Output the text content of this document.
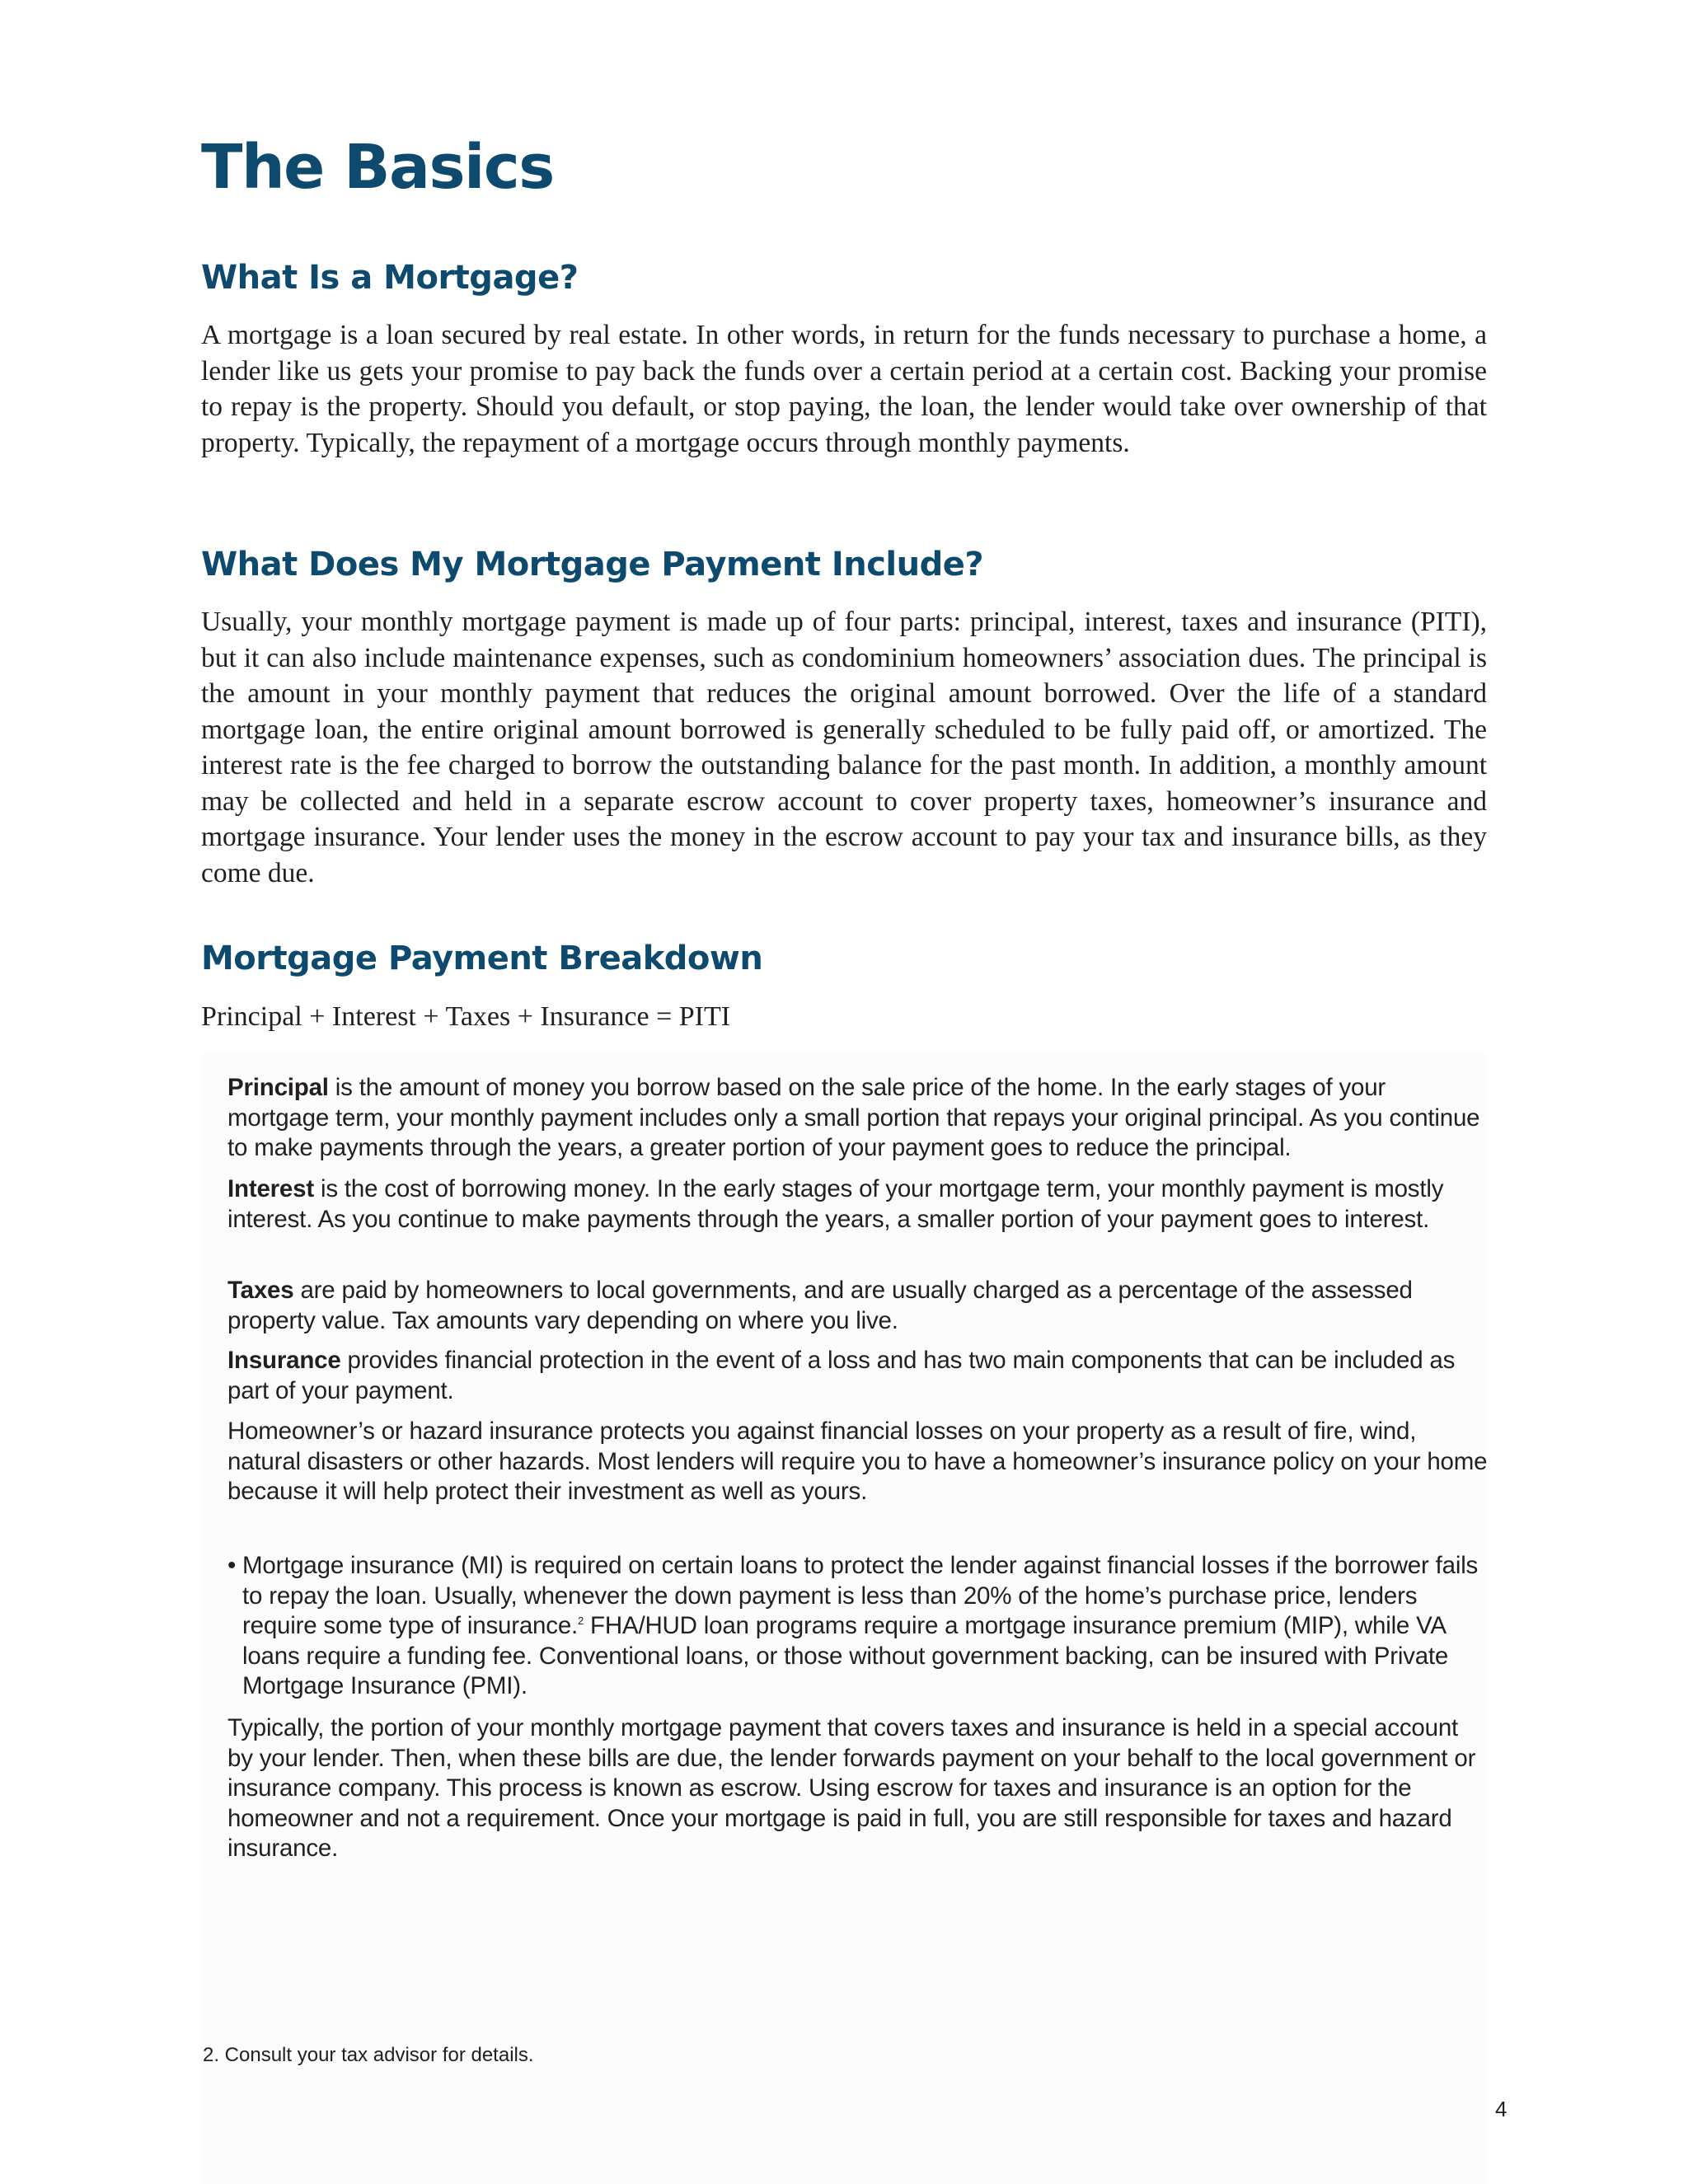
The Basics
What Is a Mortgage?

A mortgage is a loan secured by real estate. In other words, in return for the funds necessary to purchase a home, a lender like us gets your promise to pay back the funds over a certain period at a certain cost. Backing your promise to repay is the property. Should you default, or stop paying, the loan, the lender would take over ownership of that property. Typically, the repayment of a mortgage occurs through monthly payments.

What Does My Mortgage Payment Include?

Usually, your monthly mortgage payment is made up of four parts: principal, interest, taxes and insurance (PITI), but it can also include maintenance expenses, such as condominium homeowners’ association dues. The principal is the amount in your monthly payment that reduces the original amount borrowed. Over the life of a standard mortgage loan, the entire original amount borrowed is generally scheduled to be fully paid off, or amortized. The interest rate is the fee charged to borrow the outstanding balance for the past month. In addition, a monthly amount may be collected and held in a separate escrow account to cover property taxes, homeowner’s insurance and mortgage insurance. Your lender uses the money in the escrow account to pay your tax and insurance bills, as they come due.

Mortgage Payment Breakdown

Principal + Interest + Taxes + Insurance = PITI

Principal is the amount of money you borrow based on the sale price of the home. In the early stages of your mortgage term, your monthly payment includes only a small portion that repays your original principal. As you continue to make payments through the years, a greater portion of your payment goes to reduce the principal.

Interest is the cost of borrowing money. In the early stages of your mortgage term, your monthly payment is mostly interest. As you continue to make payments through the years, a smaller portion of your payment goes to interest.

Taxes are paid by homeowners to local governments, and are usually charged as a percentage of the assessed property value. Tax amounts vary depending on where you live.

Insurance provides financial protection in the event of a loss and has two main components that can be included as part of your payment.

Homeowner’s or hazard insurance protects you against financial losses on your property as a result of fire, wind, natural disasters or other hazards. Most lenders will require you to have a homeowner’s insurance policy on your home because it will help protect their investment as well as yours.

• Mortgage insurance (MI) is required on certain loans to protect the lender against financial losses if the borrower fails to repay the loan. Usually, whenever the down payment is less than 20% of the home’s purchase price, lenders require some type of insurance.$^2$ FHA/HUD loan programs require a mortgage insurance premium (MIP), while VA loans require a funding fee. Conventional loans, or those without government backing, can be insured with Private Mortgage Insurance (PMI).

Typically, the portion of your monthly mortgage payment that covers taxes and insurance is held in a special account by your lender. Then, when these bills are due, the lender forwards payment on your behalf to the local government or insurance company. This process is known as escrow. Using escrow for taxes and insurance is an option for the homeowner and not a requirement. Once your mortgage is paid in full, you are still responsible for taxes and hazard insurance.

2. Consult your tax advisor for details.

4
